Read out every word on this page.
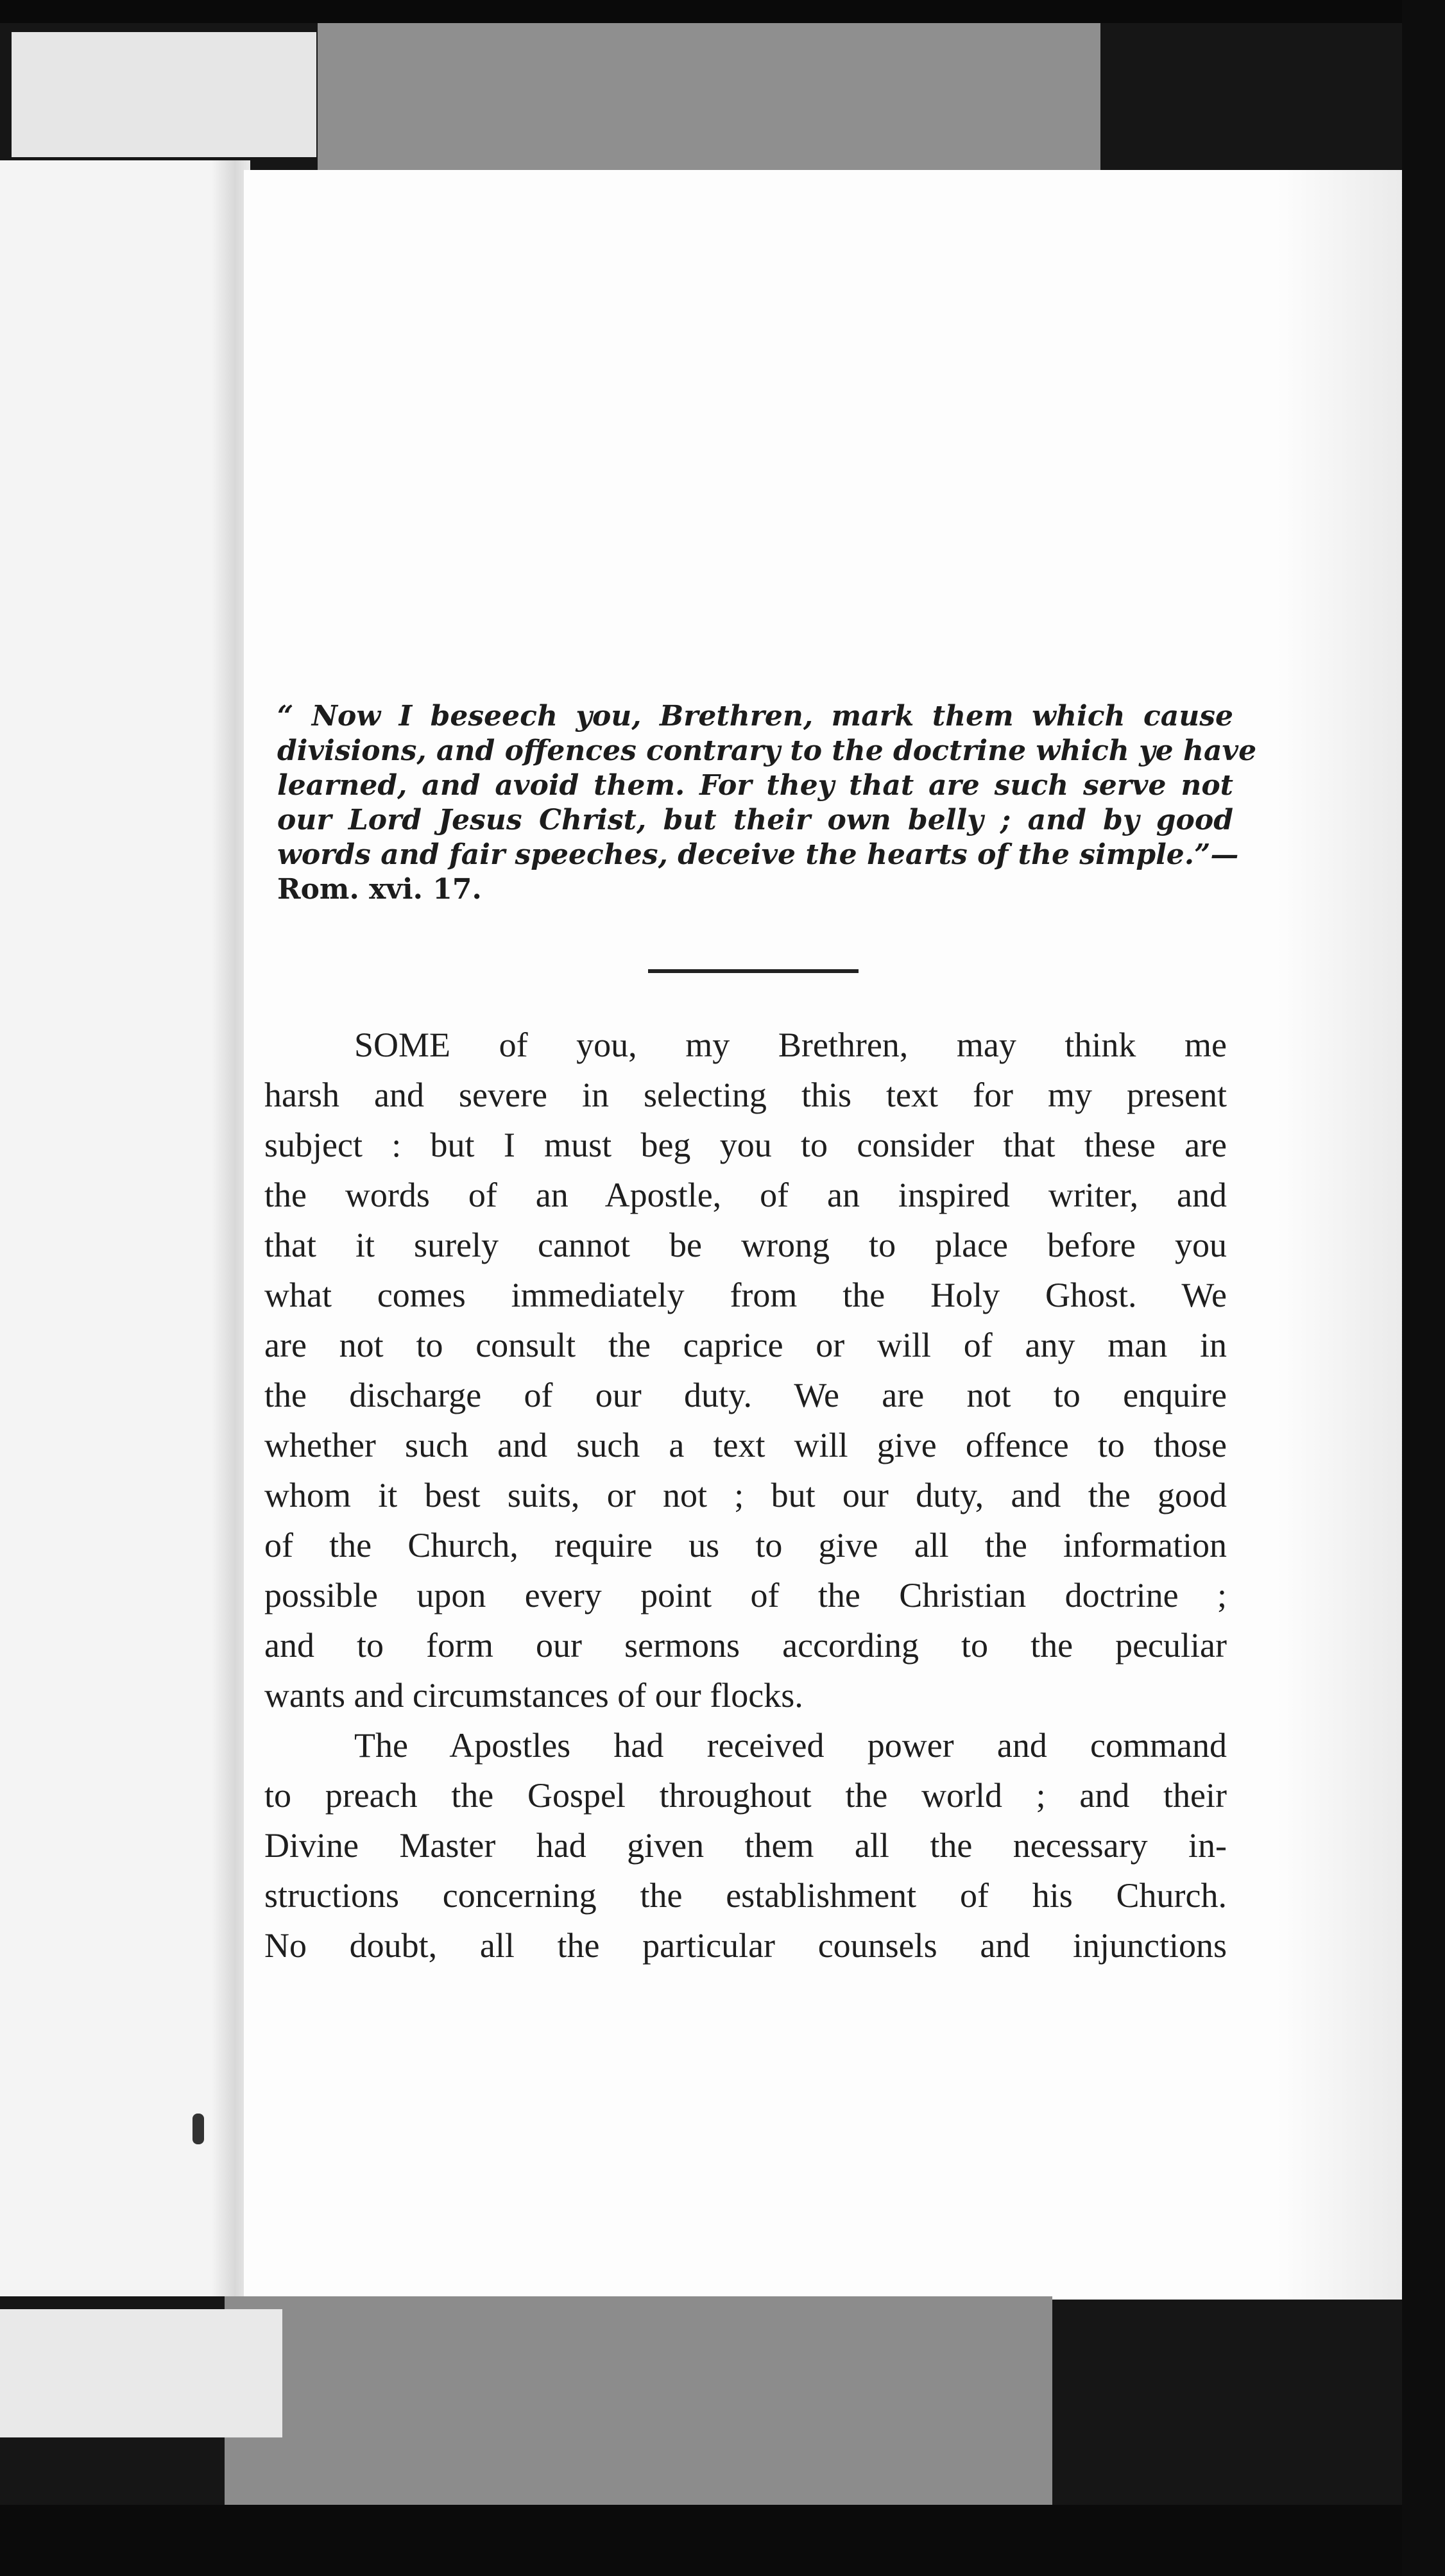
“ Now I beseech you, Brethren, mark them which cause
divisions, and offences contrary to the doctrine which ye have
learned, and avoid them. For they that are such serve not
our Lord Jesus Christ, but their own belly ; and by good
words and fair speeches, deceive the hearts of the simple.”—
Rom. xvi. 17.
SOME of you, my Brethren, may think me
harsh and severe in selecting this text for my present
subject : but I must beg you to consider that these are
the words of an Apostle, of an inspired writer, and
that it surely cannot be wrong to place before you
what comes immediately from the Holy Ghost. We
are not to consult the caprice or will of any man in
the discharge of our duty. We are not to enquire
whether such and such a text will give offence to those
whom it best suits, or not ; but our duty, and the good
of the Church, require us to give all the information
possible upon every point of the Christian doctrine ;
and to form our sermons according to the peculiar
wants and circumstances of our flocks.
The Apostles had received power and command
to preach the Gospel throughout the world ; and their
Divine Master had given them all the necessary in-
structions concerning the establishment of his Church.
No doubt, all the particular counsels and injunctions
